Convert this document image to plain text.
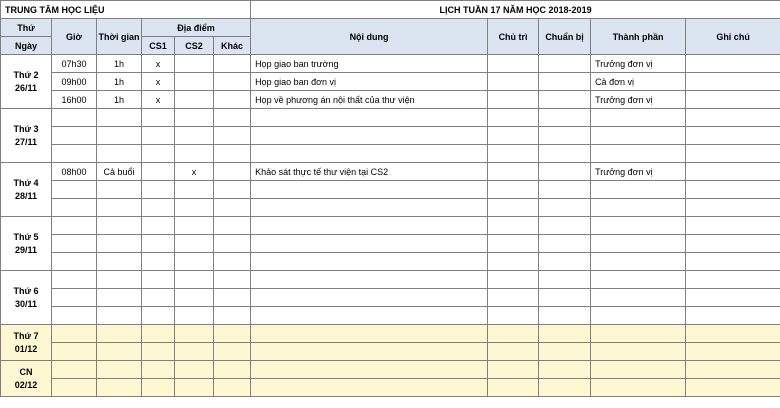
TRUNG TÂM HỌC LIỆU						LỊCH TUẦN 17 NĂM HỌC 2018-2019				
Thứ	Giờ	Thời gian	Địa điểm			Nội dung	Chủ trì	Chuẩn bị	Thành phần	Ghi chú
Ngày			CS1	CS2	Khác					

Thứ 2
26/11	07h30	1h	x			Họp giao ban trường			Trưởng đơn vị	
	09h00	1h	x			Họp giao ban đơn vị			Cả đơn vị	
	16h00	1h	x			Họp về phương án nội thất của thư viện			Trưởng đơn vị	

Thứ 3
27/11										

Thứ 4
28/11	08h00	Cả buổi		x		Khảo sát thực tế thư viện tại CS2			Trưởng đơn vị	

Thứ 5
29/11										

Thứ 6
30/11										

Thứ 7
01/12										

CN
02/12										
